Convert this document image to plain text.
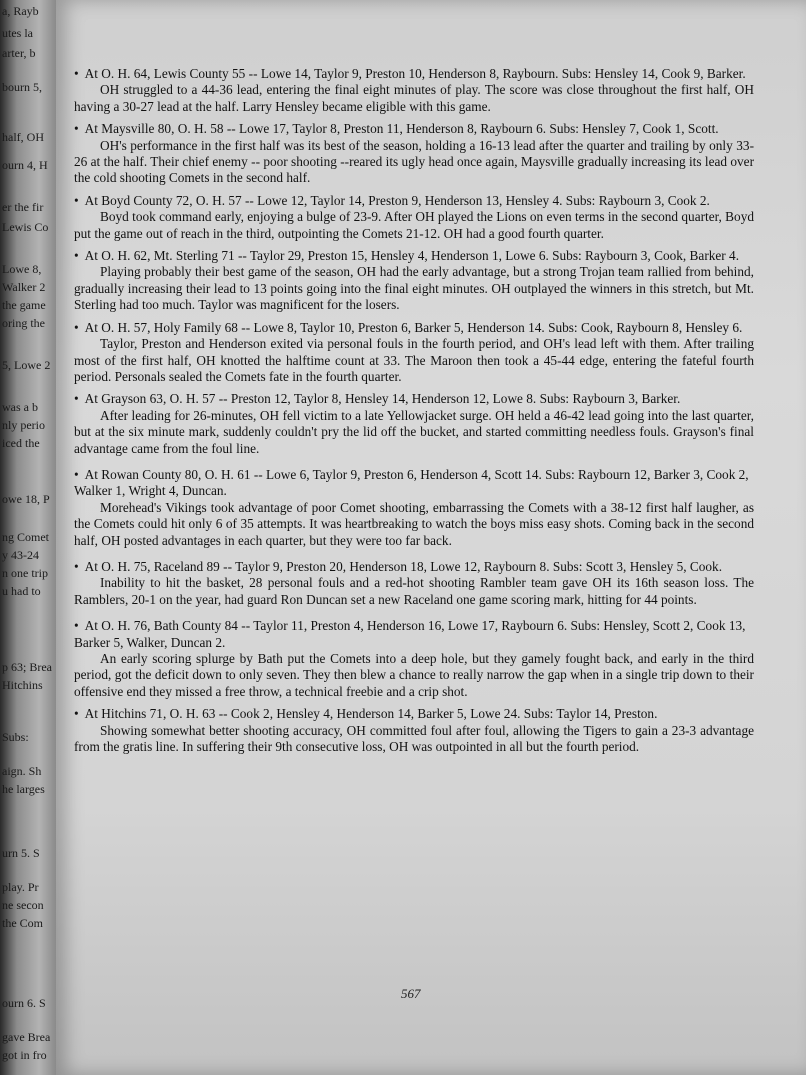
a, Rayb
utes la
arter, b
bourn 5,
half, OH
ourn 4, H
er the fir
Lewis Co
Lowe 8,
Walker 2
the game
oring the
5, Lowe 2
was a b
nly perio
iced the
owe 18, P
ng Comet
y 43-24
n one trip
u had to
p 63; Brea
Hitchins
Subs:
aign. Sh
he larges
urn 5. S
play. Pr
ne secon
the Com
ourn 6. S
gave Brea
got in fro
• At O. H. 64, Lewis County 55 -- Lowe 14, Taylor 9, Preston 10, Henderson 8, Raybourn. Subs: Hensley 14, Cook 9, Barker.
OH struggled to a 44-36 lead, entering the final eight minutes of play. The score was close throughout the first half, OH having a 30-27 lead at the half. Larry Hensley became eligible with this game.
• At Maysville 80, O. H. 58 -- Lowe 17, Taylor 8, Preston 11, Henderson 8, Raybourn 6. Subs: Hensley 7, Cook 1, Scott.
OH's performance in the first half was its best of the season, holding a 16-13 lead after the quarter and trailing by only 33-26 at the half. Their chief enemy -- poor shooting --reared its ugly head once again, Maysville gradually increasing its lead over the cold shooting Comets in the second half.
• At Boyd County 72, O. H. 57 -- Lowe 12, Taylor 14, Preston 9, Henderson 13, Hensley 4. Subs: Raybourn 3, Cook 2.
Boyd took command early, enjoying a bulge of 23-9. After OH played the Lions on even terms in the second quarter, Boyd put the game out of reach in the third, outpointing the Comets 21-12. OH had a good fourth quarter.
• At O. H. 62, Mt. Sterling 71 -- Taylor 29, Preston 15, Hensley 4, Henderson 1, Lowe 6. Subs: Raybourn 3, Cook, Barker 4.
Playing probably their best game of the season, OH had the early advantage, but a strong Trojan team rallied from behind, gradually increasing their lead to 13 points going into the final eight minutes. OH outplayed the winners in this stretch, but Mt. Sterling had too much. Taylor was magnificent for the losers.
• At O. H. 57, Holy Family 68 -- Lowe 8, Taylor 10, Preston 6, Barker 5, Henderson 14. Subs: Cook, Raybourn 8, Hensley 6.
Taylor, Preston and Henderson exited via personal fouls in the fourth period, and OH's lead left with them. After trailing most of the first half, OH knotted the halftime count at 33. The Maroon then took a 45-44 edge, entering the fateful fourth period. Personals sealed the Comets fate in the fourth quarter.
• At Grayson 63, O. H. 57 -- Preston 12, Taylor 8, Hensley 14, Henderson 12, Lowe 8. Subs: Raybourn 3, Barker.
After leading for 26-minutes, OH fell victim to a late Yellowjacket surge. OH held a 46-42 lead going into the last quarter, but at the six minute mark, suddenly couldn't pry the lid off the bucket, and started committing needless fouls. Grayson's final advantage came from the foul line.
• At Rowan County 80, O. H. 61 -- Lowe 6, Taylor 9, Preston 6, Henderson 4, Scott 14. Subs: Raybourn 12, Barker 3, Cook 2, Walker 1, Wright 4, Duncan.
Morehead's Vikings took advantage of poor Comet shooting, embarrassing the Comets with a 38-12 first half laugher, as the Comets could hit only 6 of 35 attempts. It was heartbreaking to watch the boys miss easy shots. Coming back in the second half, OH posted advantages in each quarter, but they were too far back.
• At O. H. 75, Raceland 89 -- Taylor 9, Preston 20, Henderson 18, Lowe 12, Raybourn 8. Subs: Scott 3, Hensley 5, Cook.
Inability to hit the basket, 28 personal fouls and a red-hot shooting Rambler team gave OH its 16th season loss. The Ramblers, 20-1 on the year, had guard Ron Duncan set a new Raceland one game scoring mark, hitting for 44 points.
• At O. H. 76, Bath County 84 -- Taylor 11, Preston 4, Henderson 16, Lowe 17, Raybourn 6. Subs: Hensley, Scott 2, Cook 13, Barker 5, Walker, Duncan 2.
An early scoring splurge by Bath put the Comets into a deep hole, but they gamely fought back, and early in the third period, got the deficit down to only seven. They then blew a chance to really narrow the gap when in a single trip down to their offensive end they missed a free throw, a technical freebie and a crip shot.
• At Hitchins 71, O. H. 63 -- Cook 2, Hensley 4, Henderson 14, Barker 5, Lowe 24. Subs: Taylor 14, Preston.
Showing somewhat better shooting accuracy, OH committed foul after foul, allowing the Tigers to gain a 23-3 advantage from the gratis line. In suffering their 9th consecutive loss, OH was outpointed in all but the fourth period.
567
